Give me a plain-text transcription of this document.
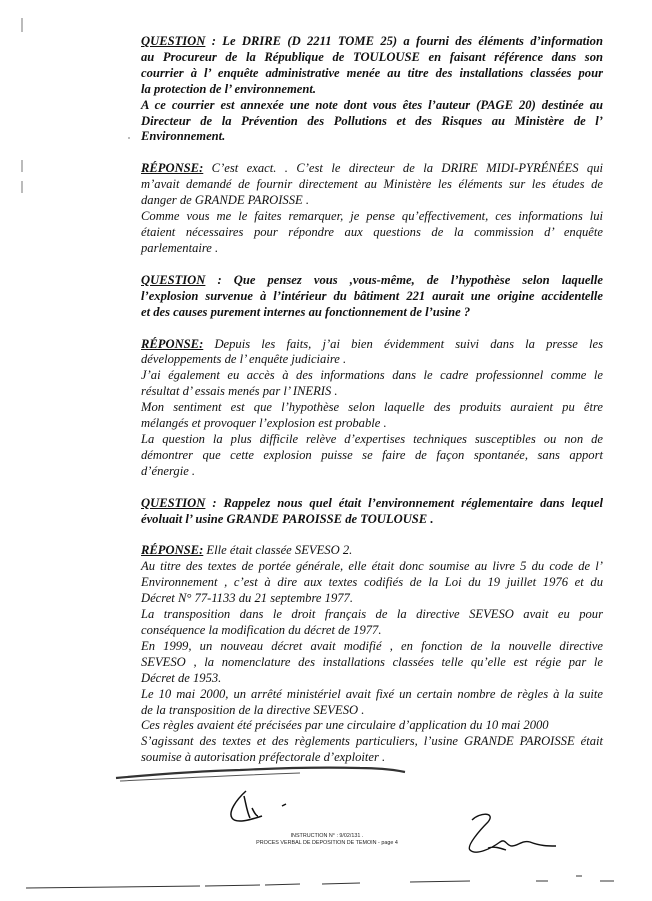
QUESTION : Le DRIRE (D 2211 TOME 25) a fourni des éléments d’information
au Procureur de la République de TOULOUSE en faisant référence dans son
courrier à l’ enquête administrative menée au titre des installations classées pour
la protection de l’ environnement.
A ce courrier est annexée une note dont vous êtes l’auteur (PAGE 20) destinée au
Directeur de la Prévention des Pollutions et des Risques au Ministère de l’
Environnement.
RÉPONSE: C’est exact. . C’est le directeur de la DRIRE MIDI-PYRÉNÉES qui
m’avait demandé de fournir directement au Ministère les éléments sur les études de
danger de GRANDE PAROISSE .
Comme vous me le faites remarquer, je pense qu’effectivement, ces informations lui
étaient nécessaires pour répondre aux questions de la commission d’ enquête
parlementaire .
QUESTION : Que pensez vous ,vous-même, de l’hypothèse selon laquelle
l’explosion survenue à l’intérieur du bâtiment 221 aurait une origine accidentelle
et des causes purement internes au fonctionnement de l’usine ?
RÉPONSE: Depuis les faits, j’ai bien évidemment suivi dans la presse les
développements de l’ enquête judiciaire .
J’ai également eu accès à des informations dans le cadre professionnel comme le
résultat d’ essais menés par l’ INERIS .
Mon sentiment est que l’hypothèse selon laquelle des produits auraient pu être
mélangés et provoquer l’explosion est probable .
La question la plus difficile relève d’expertises techniques susceptibles ou non de
démontrer que cette explosion puisse se faire de façon spontanée, sans apport
d’énergie .
QUESTION : Rappelez nous quel était l’environnement réglementaire dans lequel
évoluait l’ usine GRANDE PAROISSE de TOULOUSE .
RÉPONSE: Elle était classée SEVESO 2.
Au titre des textes de portée générale, elle était donc soumise au livre 5 du code de l’
Environnement , c’est à dire aux textes codifiés de la Loi du 19 juillet 1976 et du
Décret N° 77-1133 du 21 septembre 1977.
La transposition dans le droit français de la directive SEVESO avait eu pour
conséquence la modification du décret de 1977.
En 1999, un nouveau décret avait modifié , en fonction de la nouvelle directive
SEVESO , la nomenclature des installations classées telle qu’elle est régie par le
Décret de 1953.
Le 10 mai 2000, un arrêté ministériel avait fixé un certain nombre de règles à la suite
de la transposition de la directive SEVESO .
Ces règles avaient été précisées par une circulaire d’application du 10 mai 2000
S’agissant des textes et des règlements particuliers, l’usine GRANDE PAROISSE était
soumise à autorisation préfectorale d’exploiter .
INSTRUCTION N° : 9/02/131 .
PROCES VERBAL DE DEPOSITION DE TEMOIN - page 4
